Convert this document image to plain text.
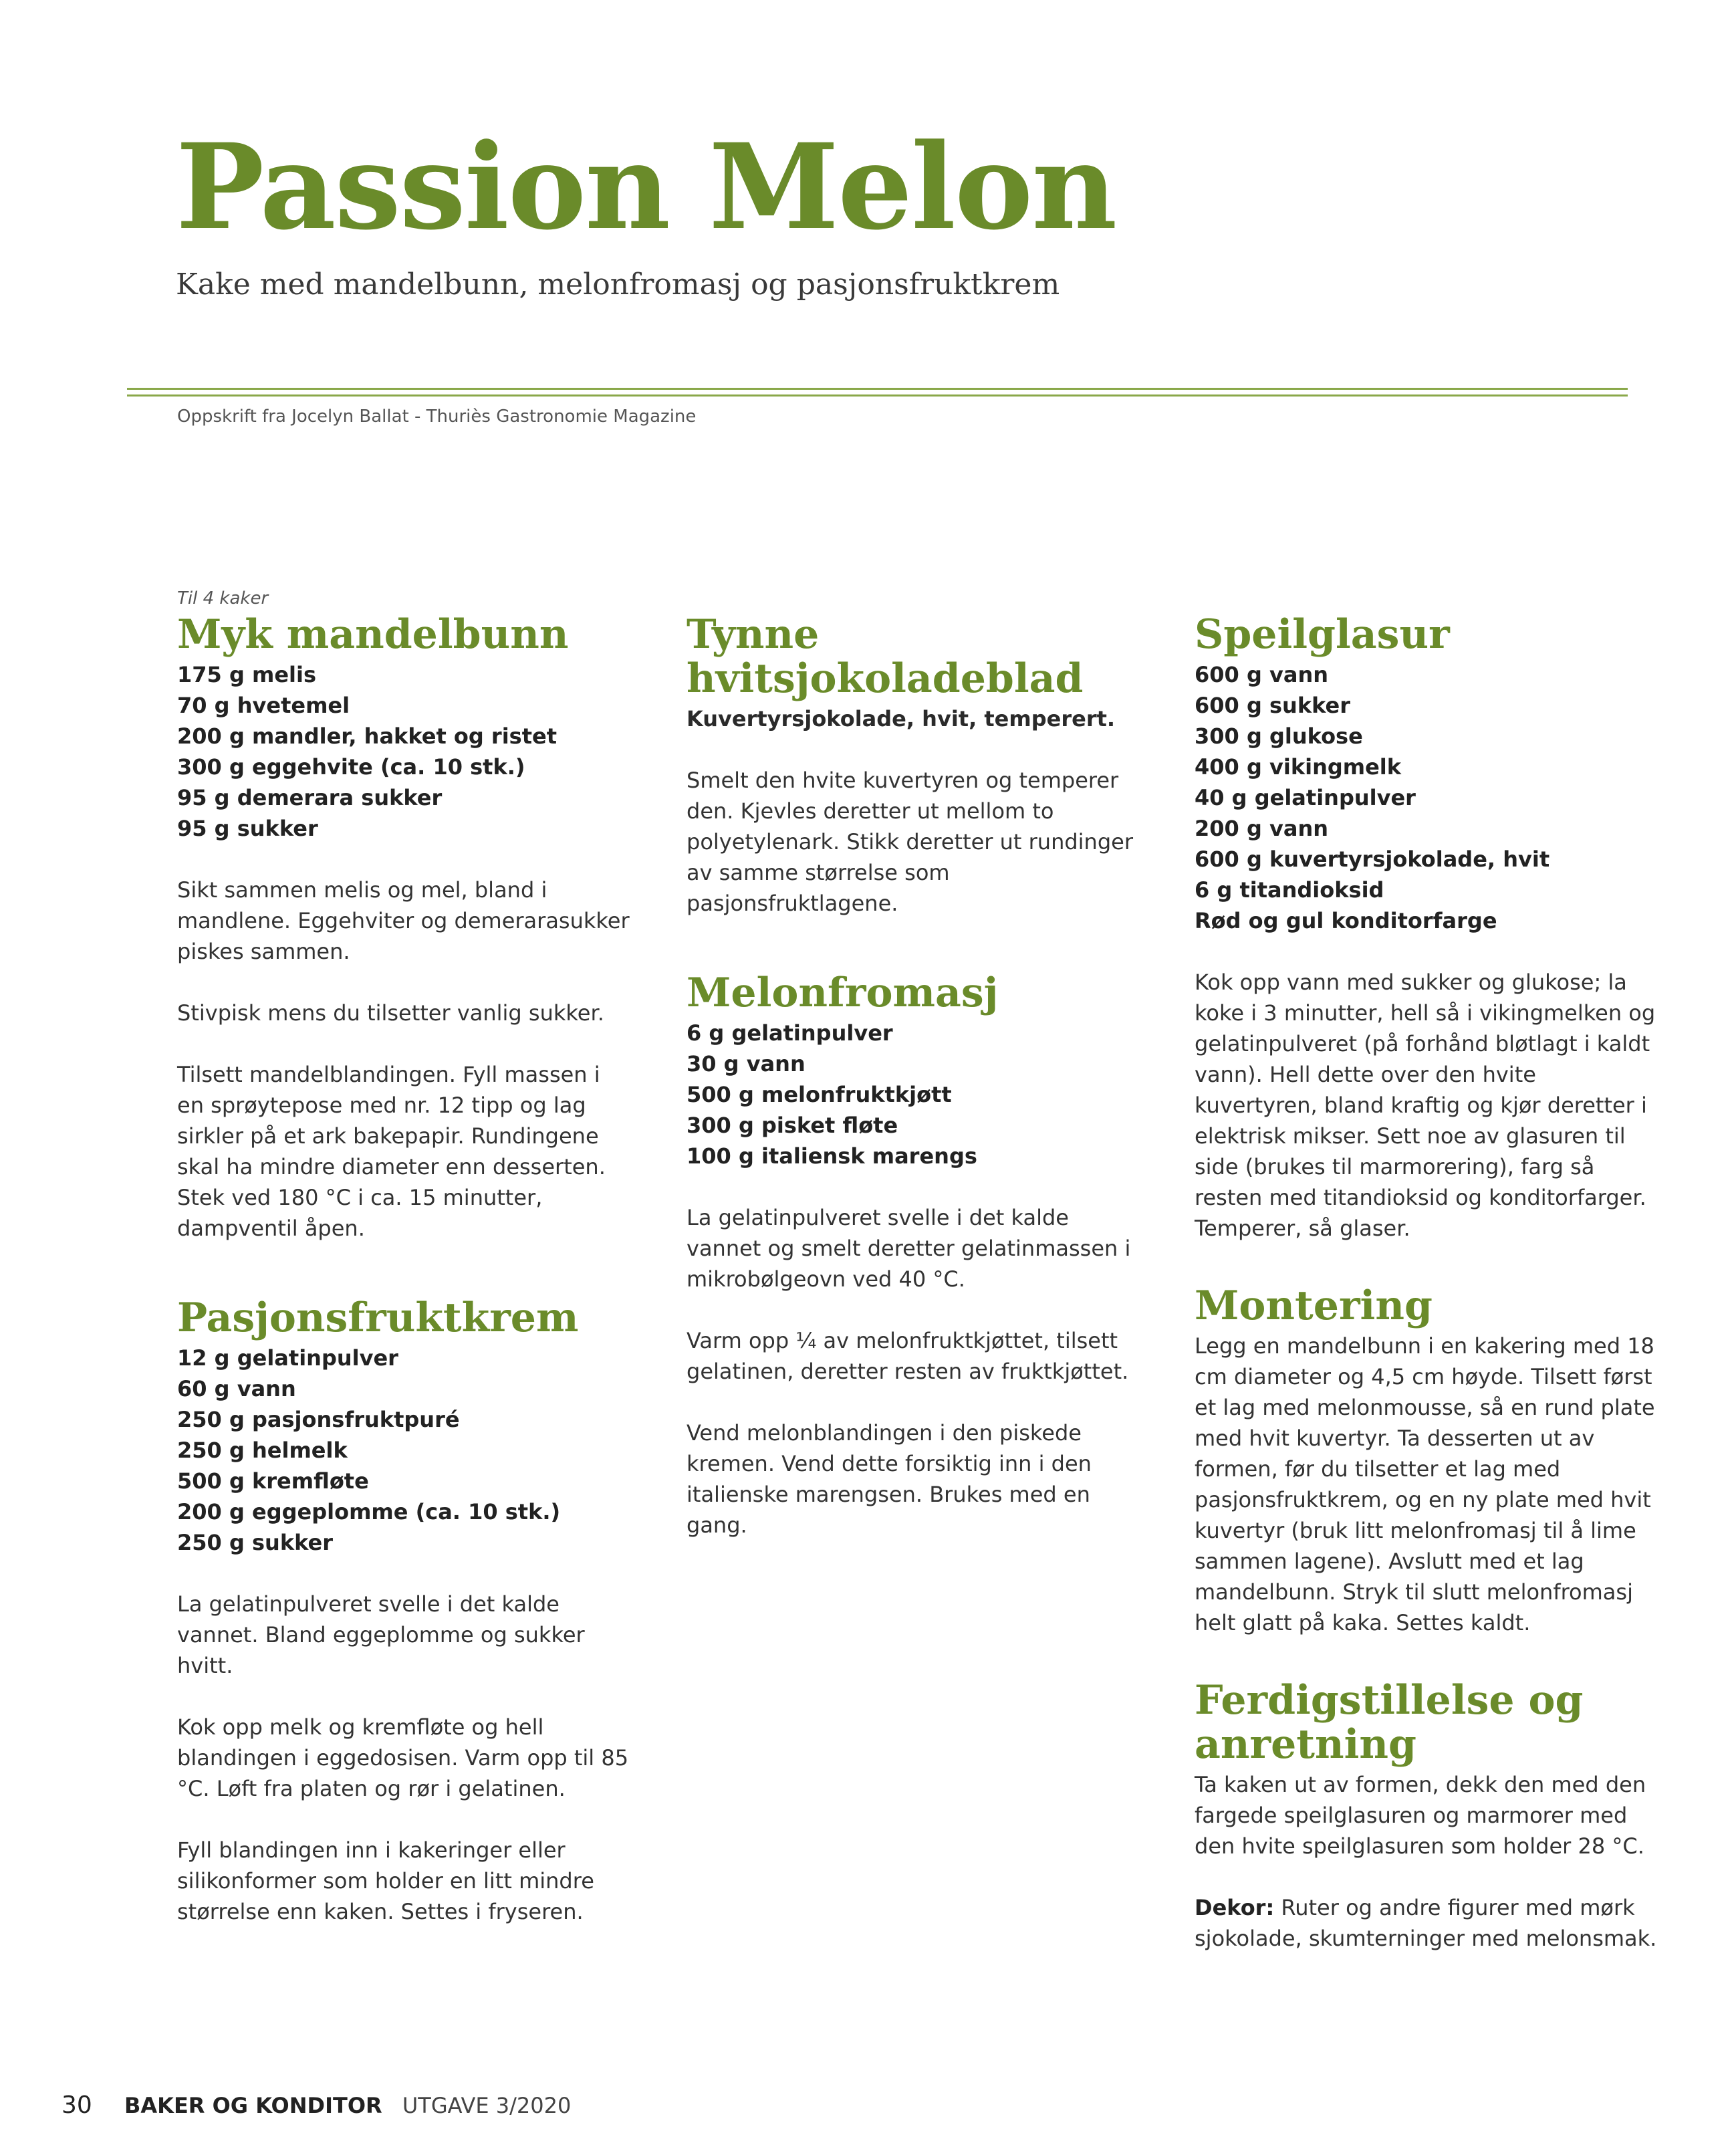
Passion Melon
Kake med mandelbunn, melonfromasj og pasjonsfruktkrem
Oppskrift fra Jocelyn Ballat - Thuriès Gastronomie Magazine
Til 4 kaker
Myk mandelbunn
175 g melis
70 g hvetemel
200 g mandler, hakket og ristet
300 g eggehvite (ca. 10 stk.)
95 g demerara sukker
95 g sukker

Sikt sammen melis og mel, bland i mandlene. Eggehviter og demerarasukker piskes sammen.

Stivpisk mens du tilsetter vanlig sukker.

Tilsett mandelblandingen. Fyll massen i en sprøytepose med nr. 12 tipp og lag sirkler på et ark bakepapir. Rundingene skal ha mindre diameter enn desserten. Stek ved 180 °C i ca. 15 minutter, dampventil åpen.

Pasjonsfruktkrem
12 g gelatinpulver
60 g vann
250 g pasjonsfruktpuré
250 g helmelk
500 g kremfløte
200 g eggeplomme (ca. 10 stk.)
250 g sukker

La gelatinpulveret svelle i det kalde vannet. Bland eggeplomme og sukker hvitt.

Kok opp melk og kremfløte og hell blandingen i eggedosisen. Varm opp til 85 °C. Løft fra platen og rør i gelatinen.

Fyll blandingen inn i kakeringer eller silikonformer som holder en litt mindre størrelse enn kaken. Settes i fryseren.

Tynne hvitsjokoladeblad
Kuvertyrsjokolade, hvit, temperert.

Smelt den hvite kuvertyren og temperer den. Kjevles deretter ut mellom to polyetylenark. Stikk deretter ut rundinger av samme størrelse som pasjonsfruktlagene.

Melonfromasj
6 g gelatinpulver
30 g vann
500 g melonfruktkjøtt
300 g pisket fløte
100 g italiensk marengs

La gelatinpulveret svelle i det kalde vannet og smelt deretter gelatinmassen i mikrobølgeovn ved 40 °C.

Varm opp ¼ av melonfruktkjøttet, tilsett gelatinen, deretter resten av fruktkjøttet.

Vend melonblandingen i den piskede kremen. Vend dette forsiktig inn i den italienske marengsen. Brukes med en gang.

Speilglasur
600 g vann
600 g sukker
300 g glukose
400 g vikingmelk
40 g gelatinpulver
200 g vann
600 g kuvertyrsjokolade, hvit
6 g titandioksid
Rød og gul konditorfarge

Kok opp vann med sukker og glukose; la koke i 3 minutter, hell så i vikingmelken og gelatinpulveret (på forhånd bløtlagt i kaldt vann). Hell dette over den hvite kuvertyren, bland kraftig og kjør deretter i elektrisk mikser. Sett noe av glasuren til side (brukes til marmorering), farg så resten med titandioksid og konditorfarger. Temperer, så glaser.

Montering

Legg en mandelbunn i en kakering med 18 cm diameter og 4,5 cm høyde. Tilsett først et lag med melonmousse, så en rund plate med hvit kuvertyr. Ta desserten ut av formen, før du tilsetter et lag med pasjonsfruktkrem, og en ny plate med hvit kuvertyr (bruk litt melonfromasj til å lime sammen lagene). Avslutt med et lag mandelbunn. Stryk til slutt melonfromasj helt glatt på kaka. Settes kaldt.

Ferdigstillelse og anretning

Ta kaken ut av formen, dekk den med den fargede speilglasuren og marmorer med den hvite speilglasuren som holder 28 °C.

Dekor: Ruter og andre figurer med mørk sjokolade, skumterninger med melonsmak.

30 BAKER OG KONDITOR UTGAVE 3/2020
